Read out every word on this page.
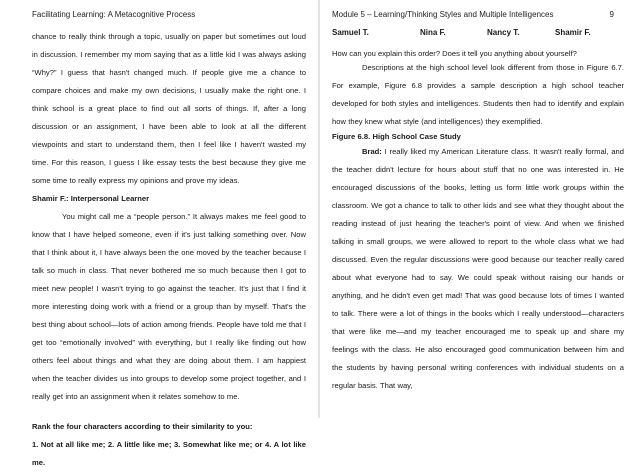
Facilitating Learning: A Metacognitive Process

chance to really think through a topic, usually on paper but sometimes out loud in discussion. I remember my mom saying that as a little kid I was always asking “Why?” I guess that hasn't changed much. If people give me a chance to compare choices and make my own decisions, I usually make the right one. I think school is a great place to find out all sorts of things. If, after a long discussion or an assignment, I have been able to look at all the different viewpoints and start to understand them, then I feel like I haven't wasted my time. For this reason, I guess I like essay tests the best because they give me some time to really express my opinions and prove my ideas.

Shamir F.: Interpersonal Learner

You might call me a “people person.” It always makes me feel good to know that I have helped someone, even if it's just talking something over. Now that I think about it, I have always been the one moved by the teacher because I talk so much in class. That never bothered me so much because then I got to meet new people! I wasn't trying to go against the teacher. It's just that I find it more interesting doing work with a friend or a group than by myself. That's the best thing about school—lots of action among friends. People have told me that I get too “emotionally involved” with everything, but I really like finding out how others feel about things and what they are doing about them. I am happiest when the teacher divides us into groups to develop some project together, and I really get into an assignment when it relates somehow to me.

Rank the four characters according to their similarity to you:

1. Not at all like me; 2. A little like me; 3. Somewhat like me; or 4. A lot like me.

Module 5 – Learning/Thinking Styles and Multiple Intelligences	9
Samuel T.	Nina F.	Nancy T.	Shamir F.

How can you explain this order? Does it tell you anything about yourself?

Descriptions at the high school level look different from those in Figure 6.7. For example, Figure 6.8 provides a sample description a high school teacher developed for both styles and intelligences. Students then had to identify and explain how they knew what style (and intelligences) they exemplified.

Figure 6.8. High School Case Study

Brad: I really liked my American Literature class. It wasn't really formal, and the teacher didn't lecture for hours about stuff that no one was interested in. He encouraged discussions of the books, letting us form little work groups within the classroom. We got a chance to talk to other kids and see what they thought about the reading instead of just hearing the teacher's point of view. And when we finished talking in small groups, we were allowed to report to the whole class what we had discussed. Even the regular discussions were good because our teacher really cared about what everyone had to say. We could speak without raising our hands or anything, and he didn't even get mad! That was good because lots of times I wanted to talk. There were a lot of things in the books which I really understood—characters that were like me—and my teacher encouraged me to speak up and share my feelings with the class. He also encouraged good communication between him and the students by having personal writing conferences with individual students on a regular basis. That way,
